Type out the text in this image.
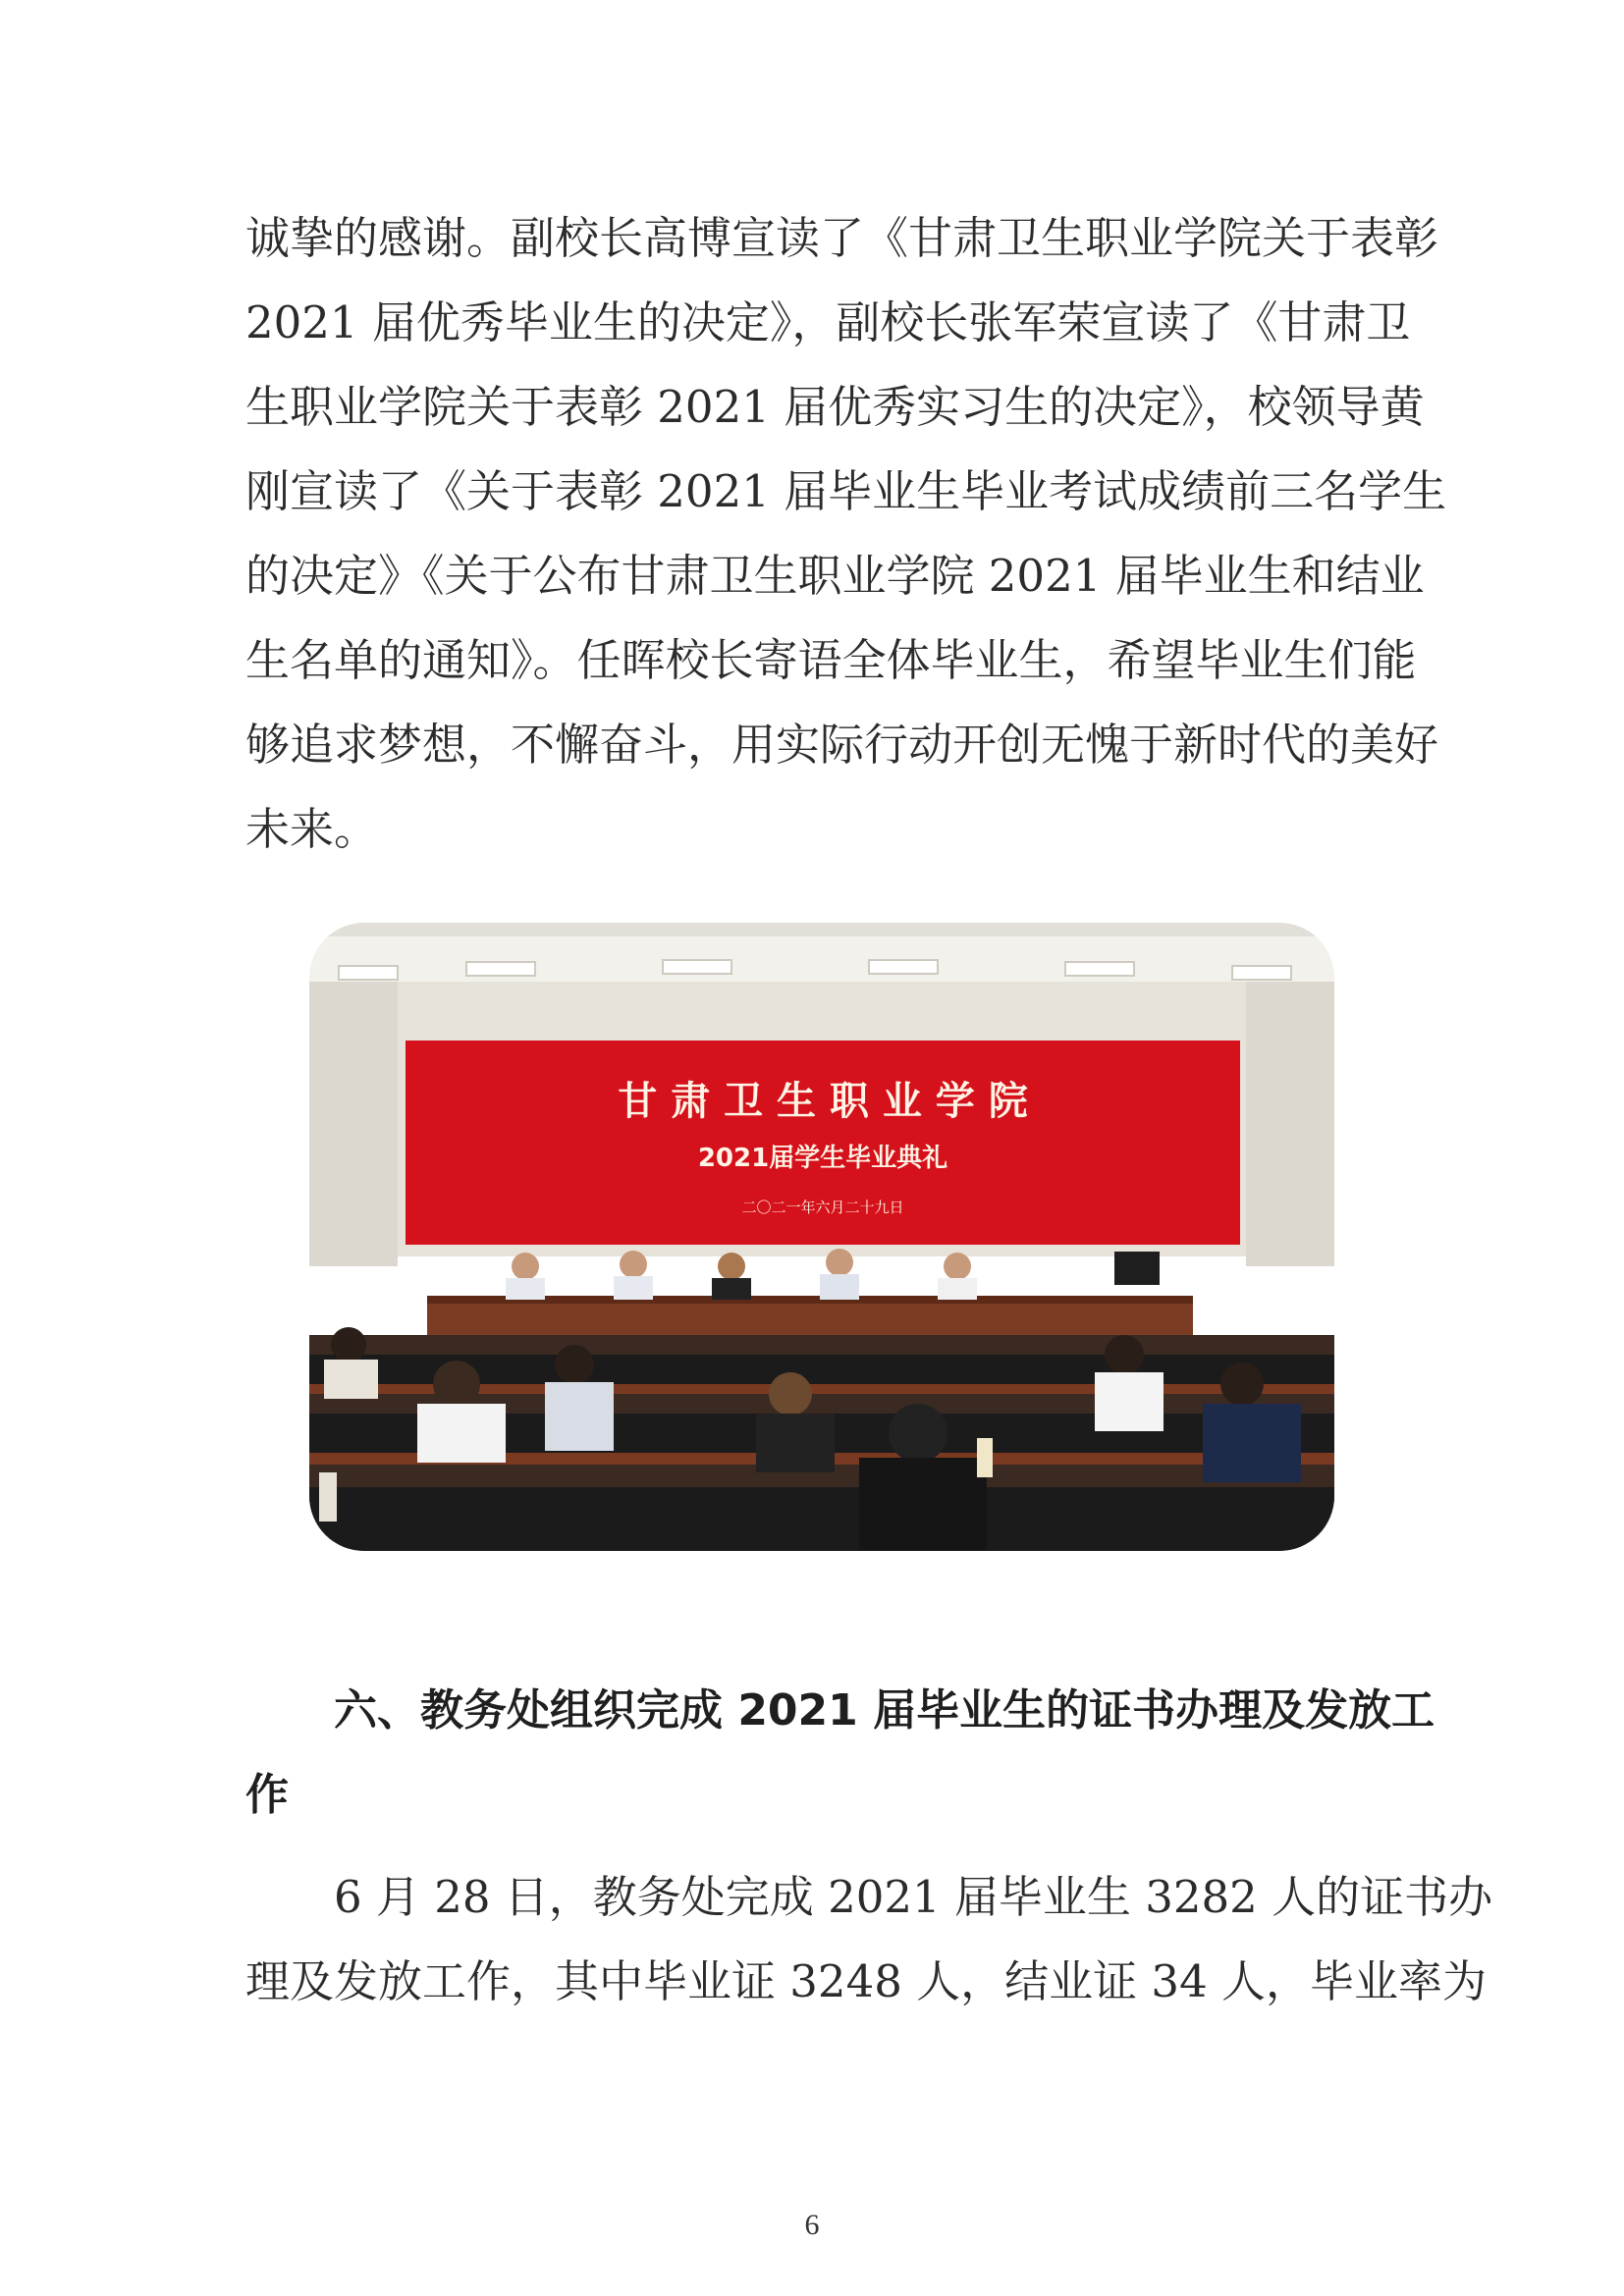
诚挚的感谢。副校长高博宣读了《甘肃卫生职业学院关于表彰
2021 届优秀毕业生的决定》，副校长张军荣宣读了《甘肃卫
生职业学院关于表彰 2021 届优秀实习生的决定》，校领导黄
刚宣读了《关于表彰 2021 届毕业生毕业考试成绩前三名学生
的决定》《关于公布甘肃卫生职业学院 2021 届毕业生和结业
生名单的通知》。任晖校长寄语全体毕业生，希望毕业生们能
够追求梦想，不懈奋斗，用实际行动开创无愧于新时代的美好
未来。
甘 肃 卫 生 职 业 学 院
2021届学生毕业典礼
二〇二一年六月二十九日
六、教务处组织完成 2021 届毕业生的证书办理及发放工
作
6 月 28 日，教务处完成 2021 届毕业生 3282 人的证书办
理及发放工作，其中毕业证 3248 人，结业证 34 人，毕业率为
6
